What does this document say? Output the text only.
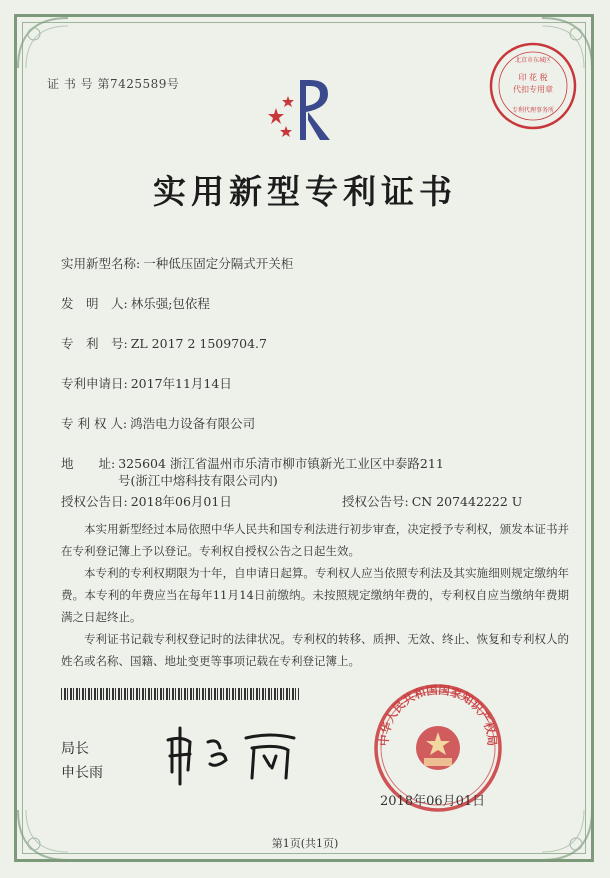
证 书 号 第7425589号	印 花 税
代扣专用章
北京市东城区
专利代理事务所
实用新型专利证书
实用新型名称: 一种低压固定分隔式开关柜
发　明　人: 林乐强;包依程
专　利　号: ZL 2017 2 1509704.7
专利申请日: 2017年11月14日
专 利 权 人: 鸿浩电力设备有限公司
地　　址: 325604 浙江省温州市乐清市柳市镇新光工业区中泰路211
号(浙江中熔科技有限公司内)
授权公告日: 2018年06月01日	授权公告号: CN 207442222 U
本实用新型经过本局依照中华人民共和国专利法进行初步审查，决定授予专利权，颁发本证书并在专利登记簿上予以登记。专利权自授权公告之日起生效。
本专利的专利权期限为十年，自申请日起算。专利权人应当依照专利法及其实施细则规定缴纳年费。本专利的年费应当在每年11月14日前缴纳。未按照规定缴纳年费的，专利权自应当缴纳年费期满之日起终止。
专利证书记载专利权登记时的法律状况。专利权的转移、质押、无效、终止、恢复和专利权人的姓名或名称、国籍、地址变更等事项记载在专利登记簿上。
局长
申长雨
中华人民共和国国家知识产权局
2018年06月01日
第1页(共1页)
